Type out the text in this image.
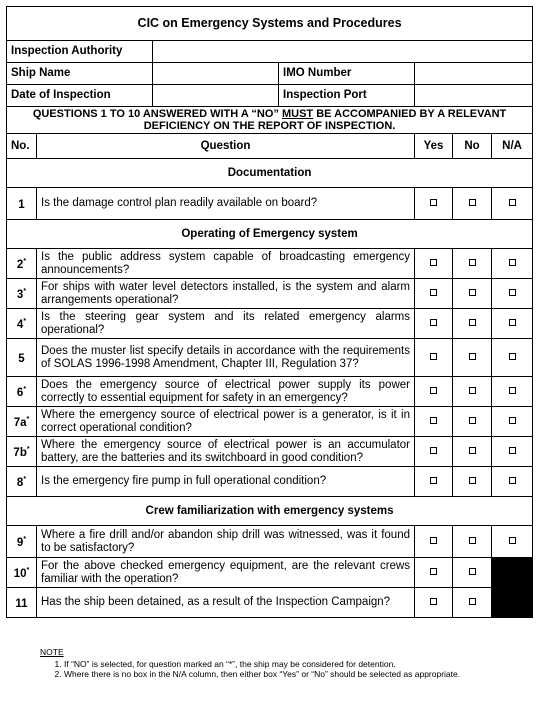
CIC on Emergency Systems and Procedures						
Inspection Authority						
Ship Name			IMO Number			
Date of Inspection			Inspection Port			
QUESTIONS 1 TO 10 ANSWERED WITH A “NO” MUST BE ACCOMPANIED BY A RELEVANT DEFICIENCY ON THE REPORT OF INSPECTION.						
No.	Question			Yes	No	N/A
Documentation						
1	Is the damage control plan readily available on board?					
Operating of Emergency system						
2*	Is the public address system capable of broadcasting emergency announcements?					
3*	For ships with water level detectors installed, is the system and alarm arrangements operational?					
4*	Is the steering gear system and its related emergency alarms operational?					
5	Does the muster list specify details in accordance with the requirements of SOLAS 1996-1998 Amendment, Chapter III, Regulation 37?					
6*	Does the emergency source of electrical power supply its power correctly to essential equipment for safety in an emergency?					
7a*	Where the emergency source of electrical power is a generator, is it in correct operational condition?					
7b*	Where the emergency source of electrical power is an accumulator battery, are the batteries and its switchboard in good condition?					
8*	Is the emergency fire pump in full operational condition?					
Crew familiarization with emergency systems						
9*	Where a fire drill and/or abandon ship drill was witnessed, was it found to be satisfactory?					
10*	For the above checked emergency equipment, are the relevant crews familiar with the operation?					
11	Has the ship been detained, as a result of the Inspection Campaign?					
NOTE
1. If “NO” is selected, for question marked an “*”, the ship may be considered for detention.
2. Where there is no box in the N/A column, then either box “Yes” or “No” should be selected as appropriate.
